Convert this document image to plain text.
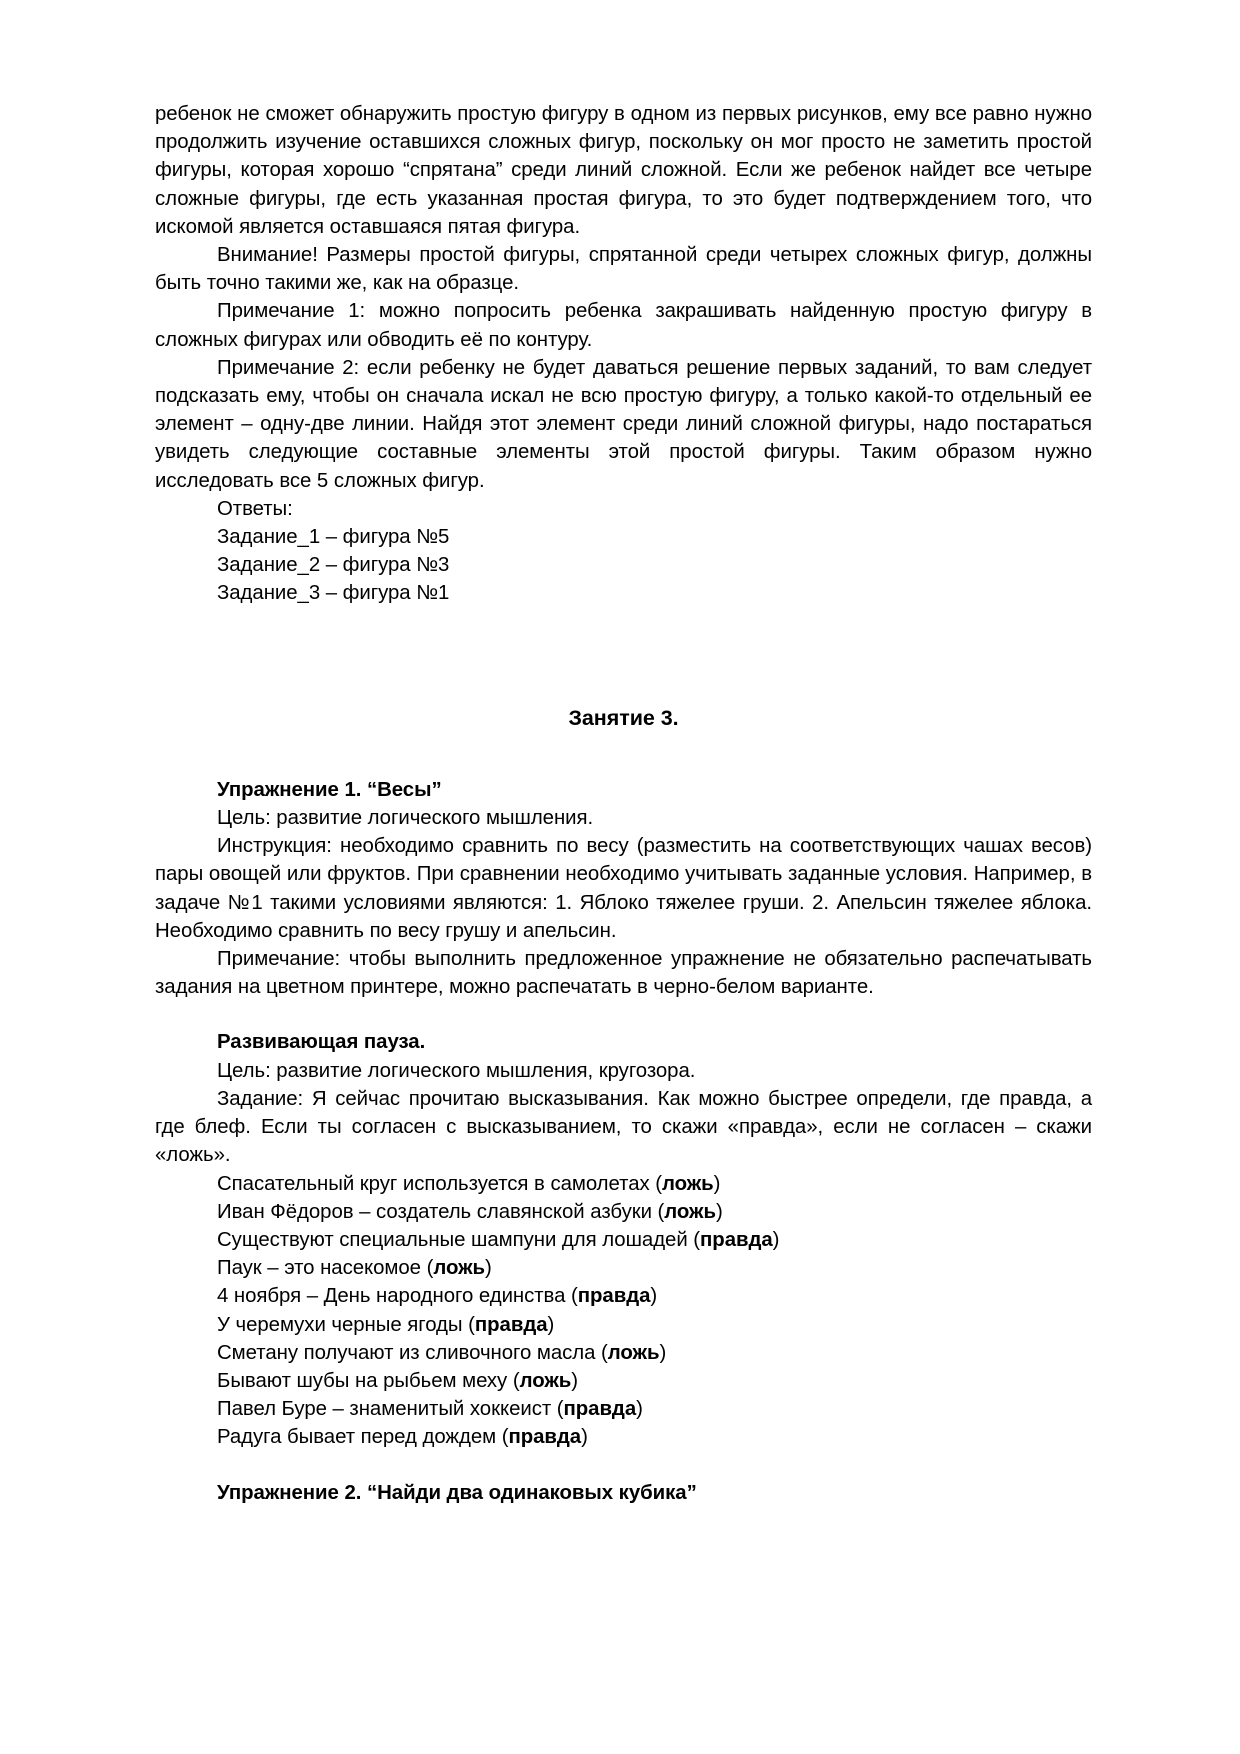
ребенок не сможет обнаружить простую фигуру в одном из первых рисунков, ему все равно нужно продолжить изучение оставшихся сложных фигур, поскольку он мог просто не заметить простой фигуры, которая хорошо “спрятана” среди линий сложной. Если же ребенок найдет все четыре сложные фигуры, где есть указанная простая фигура, то это будет подтверждением того, что искомой является оставшаяся пятая фигура.

Внимание! Размеры простой фигуры, спрятанной среди четырех сложных фигур, должны быть точно такими же, как на образце.

Примечание 1: можно попросить ребенка закрашивать найденную простую фигуру в сложных фигурах или обводить её по контуру.

Примечание 2: если ребенку не будет даваться решение первых заданий, то вам следует подсказать ему, чтобы он сначала искал не всю простую фигуру, а только какой-то отдельный ее элемент – одну-две линии. Найдя этот элемент среди линий сложной фигуры, надо постараться увидеть следующие составные элементы этой простой фигуры. Таким образом нужно исследовать все 5 сложных фигур.

Ответы:

Задание_1 – фигура №5
Задание_2 – фигура №3
Задание_3 – фигура №1
Занятие 3.
Упражнение 1. “Весы”

Цель: развитие логического мышления.

Инструкция: необходимо сравнить по весу (разместить на соответствующих чашах весов) пары овощей или фруктов. При сравнении необходимо учитывать заданные условия. Например, в задаче №1 такими условиями являются: 1. Яблоко тяжелее груши. 2. Апельсин тяжелее яблока. Необходимо сравнить по весу грушу и апельсин.

Примечание: чтобы выполнить предложенное упражнение не обязательно распечатывать задания на цветном принтере, можно распечатать в черно-белом варианте.

Развивающая пауза.

Цель: развитие логического мышления, кругозора.

Задание: Я сейчас прочитаю высказывания. Как можно быстрее определи, где правда, а где блеф. Если ты согласен с высказыванием, то скажи «правда», если не согласен – скажи «ложь».

Спасательный круг используется в самолетах (ложь)
Иван Фёдоров – создатель славянской азбуки (ложь)
Существуют специальные шампуни для лошадей (правда)
Паук – это насекомое (ложь)
4 ноября – День народного единства (правда)
У черемухи черные ягоды (правда)
Сметану получают из сливочного масла (ложь)
Бывают шубы на рыбьем меху (ложь)
Павел Буре – знаменитый хоккеист (правда)
Радуга бывает перед дождем (правда)
Упражнение 2. “Найди два одинаковых кубика”
